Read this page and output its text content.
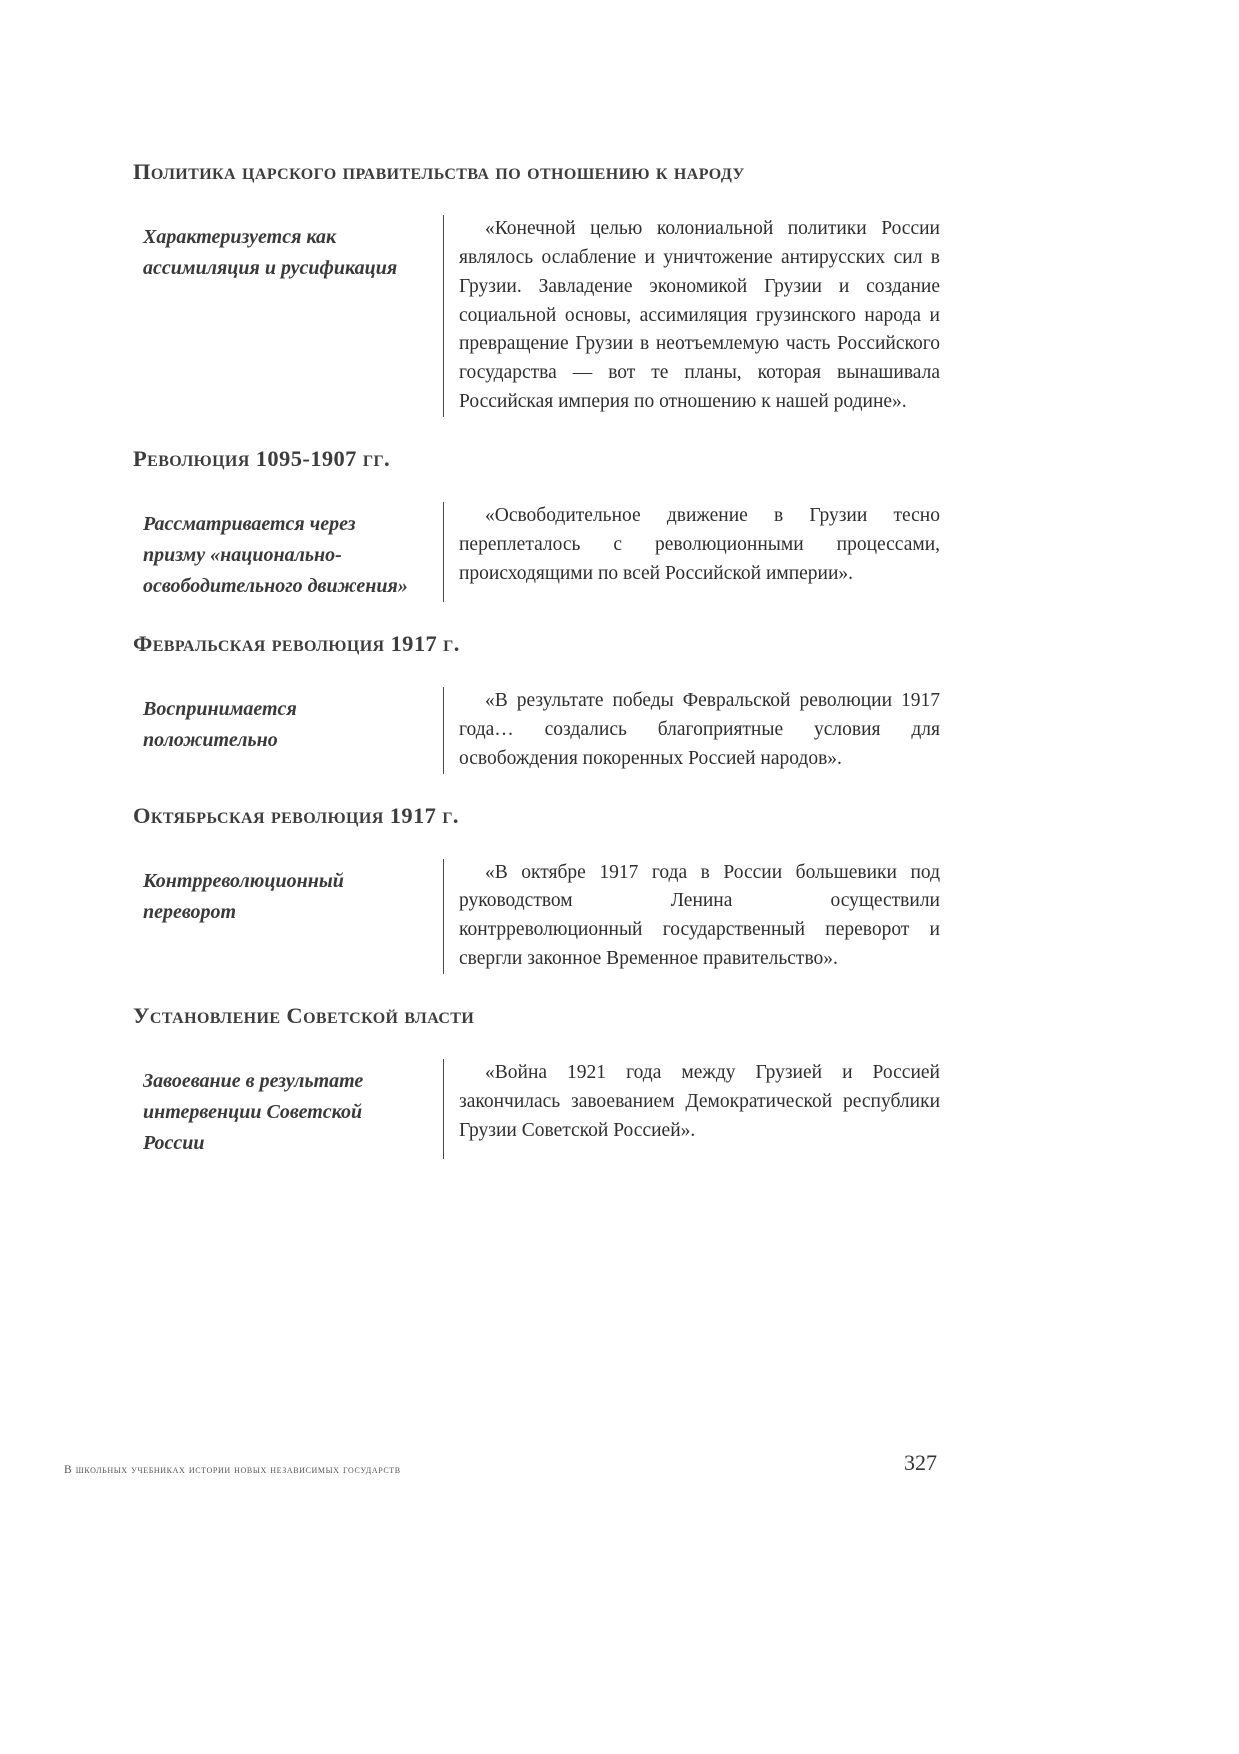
Политика царского правительства по отношению к народу

Характеризуется как ассимиляция и русификация

«Конечной целью колониальной политики России являлось ослабление и уничтожение антирусских сил в Грузии. Завладение экономикой Грузии и создание социальной основы, ассимиляция грузинского народа и превращение Грузии в неотъемлемую часть Российского государства — вот те планы, которая вынашивала Российская империя по отношению к нашей родине».

Революция 1095-1907 гг.

Рассматривается через призму «национально-освободительного движения»

«Освободительное движение в Грузии тесно переплеталось с революционными процессами, происходящими по всей Российской империи».

Февральская революция 1917 г.

Воспринимается положительно

«В результате победы Февральской революции 1917 года… создались благоприятные условия для освобождения покоренных Россией народов».

Октябрьская революция 1917 г.

Контрреволюционный переворот

«В октябре 1917 года в России большевики под руководством Ленина осуществили контрреволюционный государственный переворот и свергли законное Временное правительство».

Установление Советской власти

Завоевание в результате интервенции Советской России

«Война 1921 года между Грузией и Россией закончилась завоеванием Демократической республики Грузии Советской Россией».

В школьных учебниках истории новых независимых государств	327
